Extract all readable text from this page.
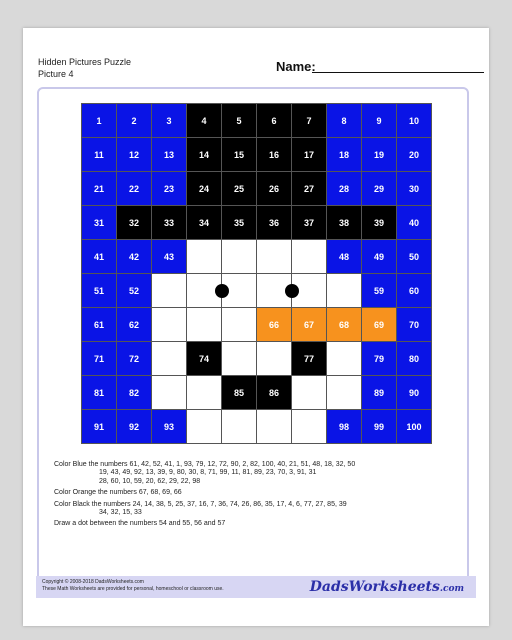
Hidden Pictures Puzzle
Picture 4	Name:
1	2	3	4	5	6	7	8	9	10
11	12	13	14	15	16	17	18	19	20
21	22	23	24	25	26	27	28	29	30
31	32	33	34	35	36	37	38	39	40
41	42	43	44	45	46	47	48	49	50
51	52	53	54	55	56	57	58	59	60
61	62	63	64	65	66	67	68	69	70
71	72	73	74	75	76	77	78	79	80
81	82	83	84	85	86	87	88	89	90
91	92	93	94	95	96	97	98	99	100
Color Blue the numbers 61, 42, 52, 41, 1, 93, 79, 12, 72, 90, 2, 82, 100, 40, 21, 51, 48, 18, 32, 50
19, 43, 49, 92, 13, 39, 9, 80, 30, 8, 71, 99, 11, 81, 89, 23, 70, 3, 91, 31
28, 60, 10, 59, 20, 62, 29, 22, 98
Color Orange the numbers 67, 68, 69, 66
Color Black the numbers 24, 14, 38, 5, 25, 37, 16, 7, 36, 74, 26, 86, 35, 17, 4, 6, 77, 27, 85, 39
34, 32, 15, 33
Draw a dot between the numbers 54 and 55, 56 and 57
Copyright © 2008-2018 DadsWorksheets.com
These Math Worksheets are provided for personal, homeschool or classroom use.	DadsWorksheets.com
